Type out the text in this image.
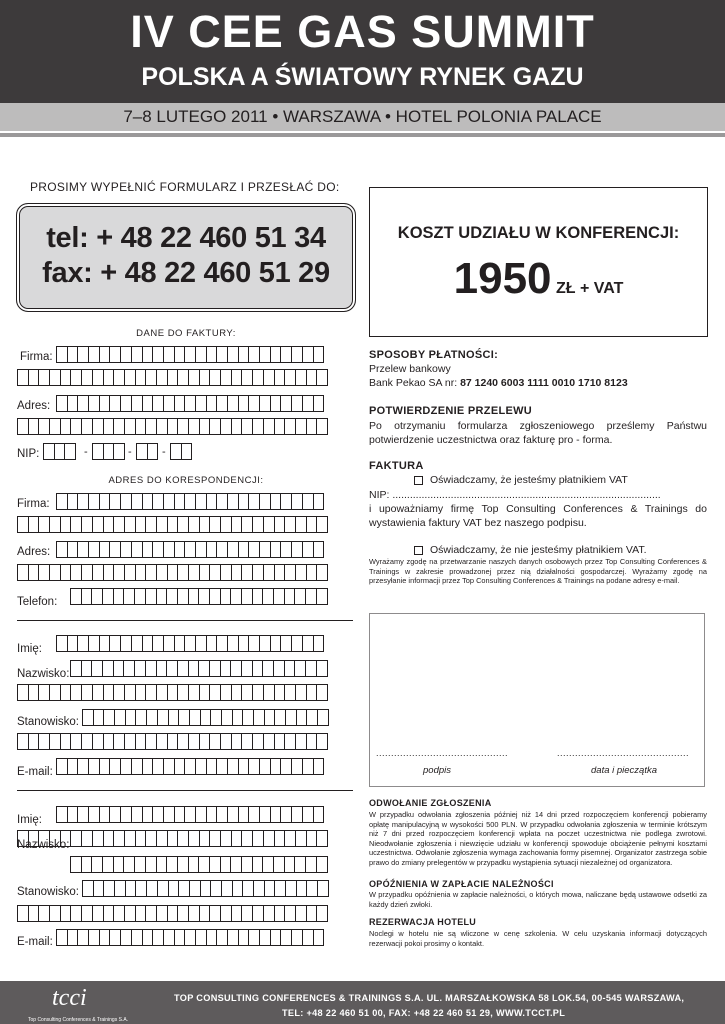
IV CEE GAS SUMMIT
POLSKA A ŚWIATOWY RYNEK GAZU
7–8 LUTEGO 2011 • WARSZAWA • HOTEL POLONIA PALACE
PROSIMY WYPEŁNIĆ FORMULARZ I PRZESŁAĆ DO:
tel: + 48 22 460 51 34
fax: + 48 22 460 51 29
KOSZT UDZIAŁU W KONFERENCJI:
1950 ZŁ + VAT
DANE DO FAKTURY:
Firma:
Adres:
NIP:	-	-	-
ADRES DO KORESPONDENCJI:
Firma:
Adres:
Telefon:
Imię:
Nazwisko:
Stanowisko:
E-mail:
Imię:
Nazwisko:
Stanowisko:
E-mail:
SPOSOBY PŁATNOŚCI:
Przelew bankowy
Bank Pekao SA nr: 87 1240 6003 1111 0010 1710 8123
POTWIERDZENIE PRZELEWU
Po otrzymaniu formularza zgłoszeniowego prześlemy Państwu potwierdzenie uczestnictwa oraz fakturę pro - forma.
FAKTURA
Oświadczamy, że jesteśmy płatnikiem VAT
NIP: ............................................................................................
i upoważniamy firmę Top Consulting Conferences & Trainings do wystawienia faktury VAT bez naszego podpisu.
Oświadczamy, że nie jesteśmy płatnikiem VAT.
Wyrażamy zgodę na przetwarzanie naszych danych osobowych przez Top Consulting Conferences & Trainings w zakresie prowadzonej przez nią działalności gospodarczej. Wyrażamy zgodę na przesyłanie informacji przez Top Consulting Conferences & Trainings na podane adresy e-mail.
............................................	............................................
podpis	data i pieczątka
ODWOŁANIE ZGŁOSZENIA
W przypadku odwołania zgłoszenia później niż 14 dni przed rozpoczęciem konferencji pobieramy opłatę manipulacyjną w wysokości 500 PLN. W przypadku odwołania zgłoszenia w terminie krótszym niż 7 dni przed rozpoczęciem konferencji wpłata na poczet uczestnictwa nie podlega zwrotowi. Nieodwołanie zgłoszenia i niewzięcie udziału w konferencji spowoduje obciążenie pełnymi kosztami uczestnictwa. Odwołanie zgłoszenia wymaga zachowania formy pisemnej. Organizator zastrzega sobie prawo do zmiany prelegentów w przypadku wystąpienia sytuacji niezależnej od organizatora.
OPÓŹNIENIA W ZAPŁACIE NALEŻNOŚCI
W przypadku opóźnienia w zapłacie należności, o których mowa, naliczane będą ustawowe odsetki za każdy dzień zwłoki.
REZERWACJA HOTELU
Noclegi w hotelu nie są wliczone w cenę szkolenia. W celu uzyskania informacji dotyczących rezerwacji pokoi prosimy o kontakt.
tcci
Top Consulting Conferences & Trainings S.A.
TOP CONSULTING CONFERENCES & TRAININGS S.A. UL. MARSZAŁKOWSKA 58 LOK.54, 00-545 WARSZAWA,
TEL: +48 22 460 51 00, FAX: +48 22 460 51 29, WWW.TCCT.PL
